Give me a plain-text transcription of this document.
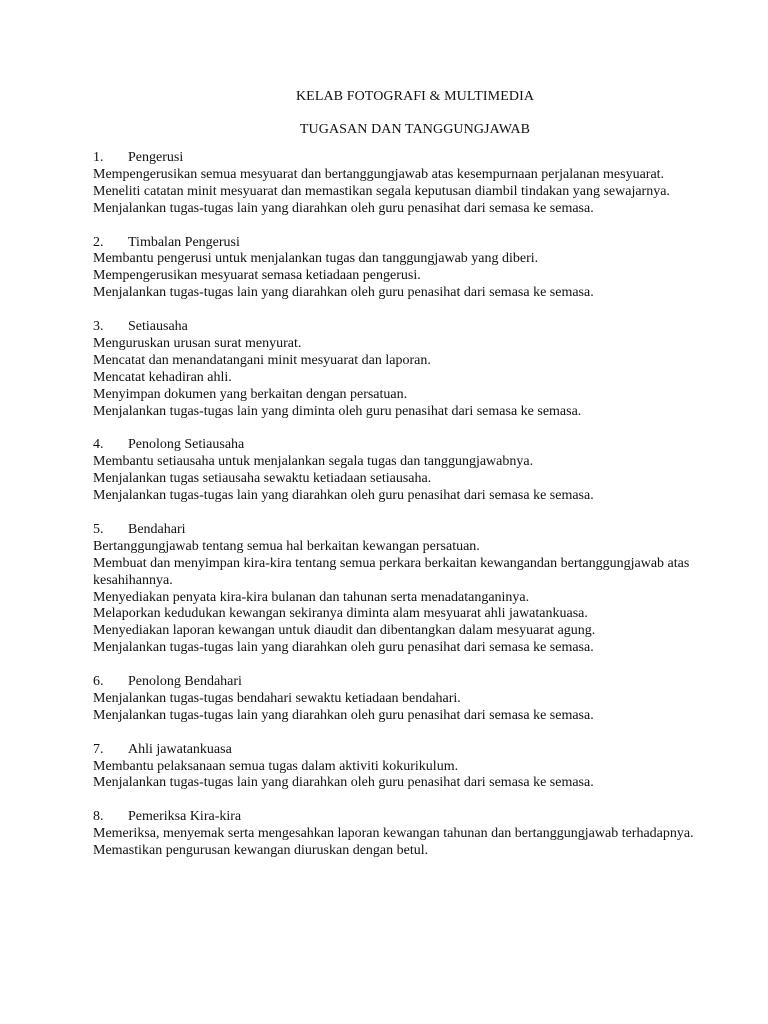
KELAB FOTOGRAFI & MULTIMEDIA
TUGASAN DAN TANGGUNGJAWAB
1.	Pengerusi
Mempengerusikan semua mesyuarat dan bertanggungjawab atas kesempurnaan perjalanan mesyuarat.
Meneliti catatan minit mesyuarat dan memastikan segala keputusan diambil tindakan yang sewajarnya.
Menjalankan tugas-tugas lain yang diarahkan oleh guru penasihat dari semasa ke semasa.
2.	Timbalan Pengerusi
Membantu pengerusi untuk menjalankan tugas dan tanggungjawab yang diberi.
Mempengerusikan mesyuarat semasa ketiadaan pengerusi.
Menjalankan tugas-tugas lain yang diarahkan oleh guru penasihat dari semasa ke semasa.
3.	Setiausaha
Menguruskan urusan surat menyurat.
Mencatat dan menandatangani minit mesyuarat dan laporan.
Mencatat kehadiran ahli.
Menyimpan dokumen yang berkaitan dengan persatuan.
Menjalankan tugas-tugas lain yang diminta oleh guru penasihat dari semasa ke semasa.
4.	Penolong Setiausaha
Membantu setiausaha untuk menjalankan segala tugas dan tanggungjawabnya.
Menjalankan tugas setiausaha sewaktu ketiadaan setiausaha.
Menjalankan tugas-tugas lain yang diarahkan oleh guru penasihat dari semasa ke semasa.
5.	Bendahari
Bertanggungjawab tentang semua hal berkaitan kewangan persatuan.
Membuat dan menyimpan kira-kira tentang semua perkara berkaitan kewangandan bertanggungjawab atas kesahihannya.
Menyediakan penyata kira-kira bulanan dan tahunan serta menadatanganinya.
Melaporkan kedudukan kewangan sekiranya diminta alam mesyuarat ahli jawatankuasa.
Menyediakan laporan kewangan untuk diaudit dan dibentangkan dalam mesyuarat agung.
Menjalankan tugas-tugas lain yang diarahkan oleh guru penasihat dari semasa ke semasa.
6.	Penolong Bendahari
Menjalankan tugas-tugas bendahari sewaktu ketiadaan bendahari.
Menjalankan tugas-tugas lain yang diarahkan oleh guru penasihat dari semasa ke semasa.
7.	Ahli jawatankuasa
Membantu pelaksanaan semua tugas dalam aktiviti kokurikulum.
Menjalankan tugas-tugas lain yang diarahkan oleh guru penasihat dari semasa ke semasa.
8.	Pemeriksa Kira-kira
Memeriksa, menyemak serta mengesahkan laporan kewangan tahunan dan bertanggungjawab terhadapnya.
Memastikan pengurusan kewangan diuruskan dengan betul.
